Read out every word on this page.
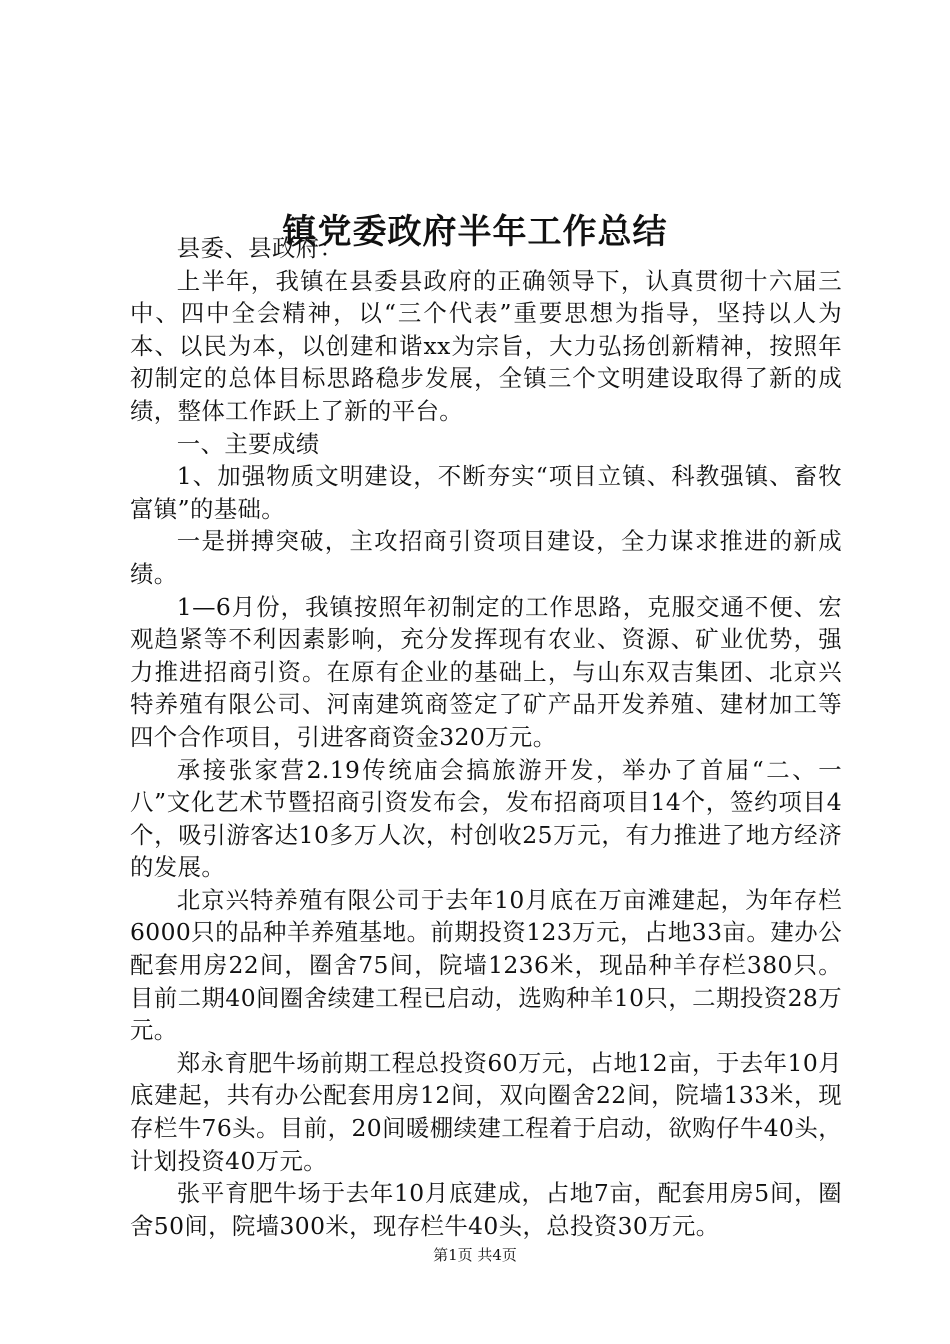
镇党委政府半年工作总结

县委、县政府：

上半年，我镇在县委县政府的正确领导下，认真贯彻十六届三中、四中全会精神，以“三个代表”重要思想为指导，坚持以人为本、以民为本，以创建和谐xx为宗旨，大力弘扬创新精神，按照年初制定的总体目标思路稳步发展，全镇三个文明建设取得了新的成绩，整体工作跃上了新的平台。

一、主要成绩

1、加强物质文明建设，不断夯实“项目立镇、科教强镇、畜牧富镇”的基础。

一是拼搏突破，主攻招商引资项目建设，全力谋求推进的新成绩。

1—6月份，我镇按照年初制定的工作思路，克服交通不便、宏观趋紧等不利因素影响，充分发挥现有农业、资源、矿业优势，强力推进招商引资。在原有企业的基础上，与山东双吉集团、北京兴特养殖有限公司、河南建筑商签定了矿产品开发养殖、建材加工等四个合作项目，引进客商资金320万元。

承接张家营2.19传统庙会搞旅游开发，举办了首届“二、一八”文化艺术节暨招商引资发布会，发布招商项目14个，签约项目4个，吸引游客达10多万人次，村创收25万元，有力推进了地方经济的发展。

北京兴特养殖有限公司于去年10月底在万亩滩建起，为年存栏6000只的品种羊养殖基地。前期投资123万元，占地33亩。建办公配套用房22间，圈舍75间，院墙1236米，现品种羊存栏380只。目前二期40间圈舍续建工程已启动，选购种羊10只，二期投资28万元。

郑永育肥牛场前期工程总投资60万元，占地12亩，于去年10月底建起，共有办公配套用房12间，双向圈舍22间，院墙133米，现存栏牛76头。目前，20间暖棚续建工程着于启动，欲购仔牛40头，计划投资40万元。

张平育肥牛场于去年10月底建成，占地7亩，配套用房5间，圈舍50间，院墙300米，现存栏牛40头，总投资30万元。

第1页 共4页
